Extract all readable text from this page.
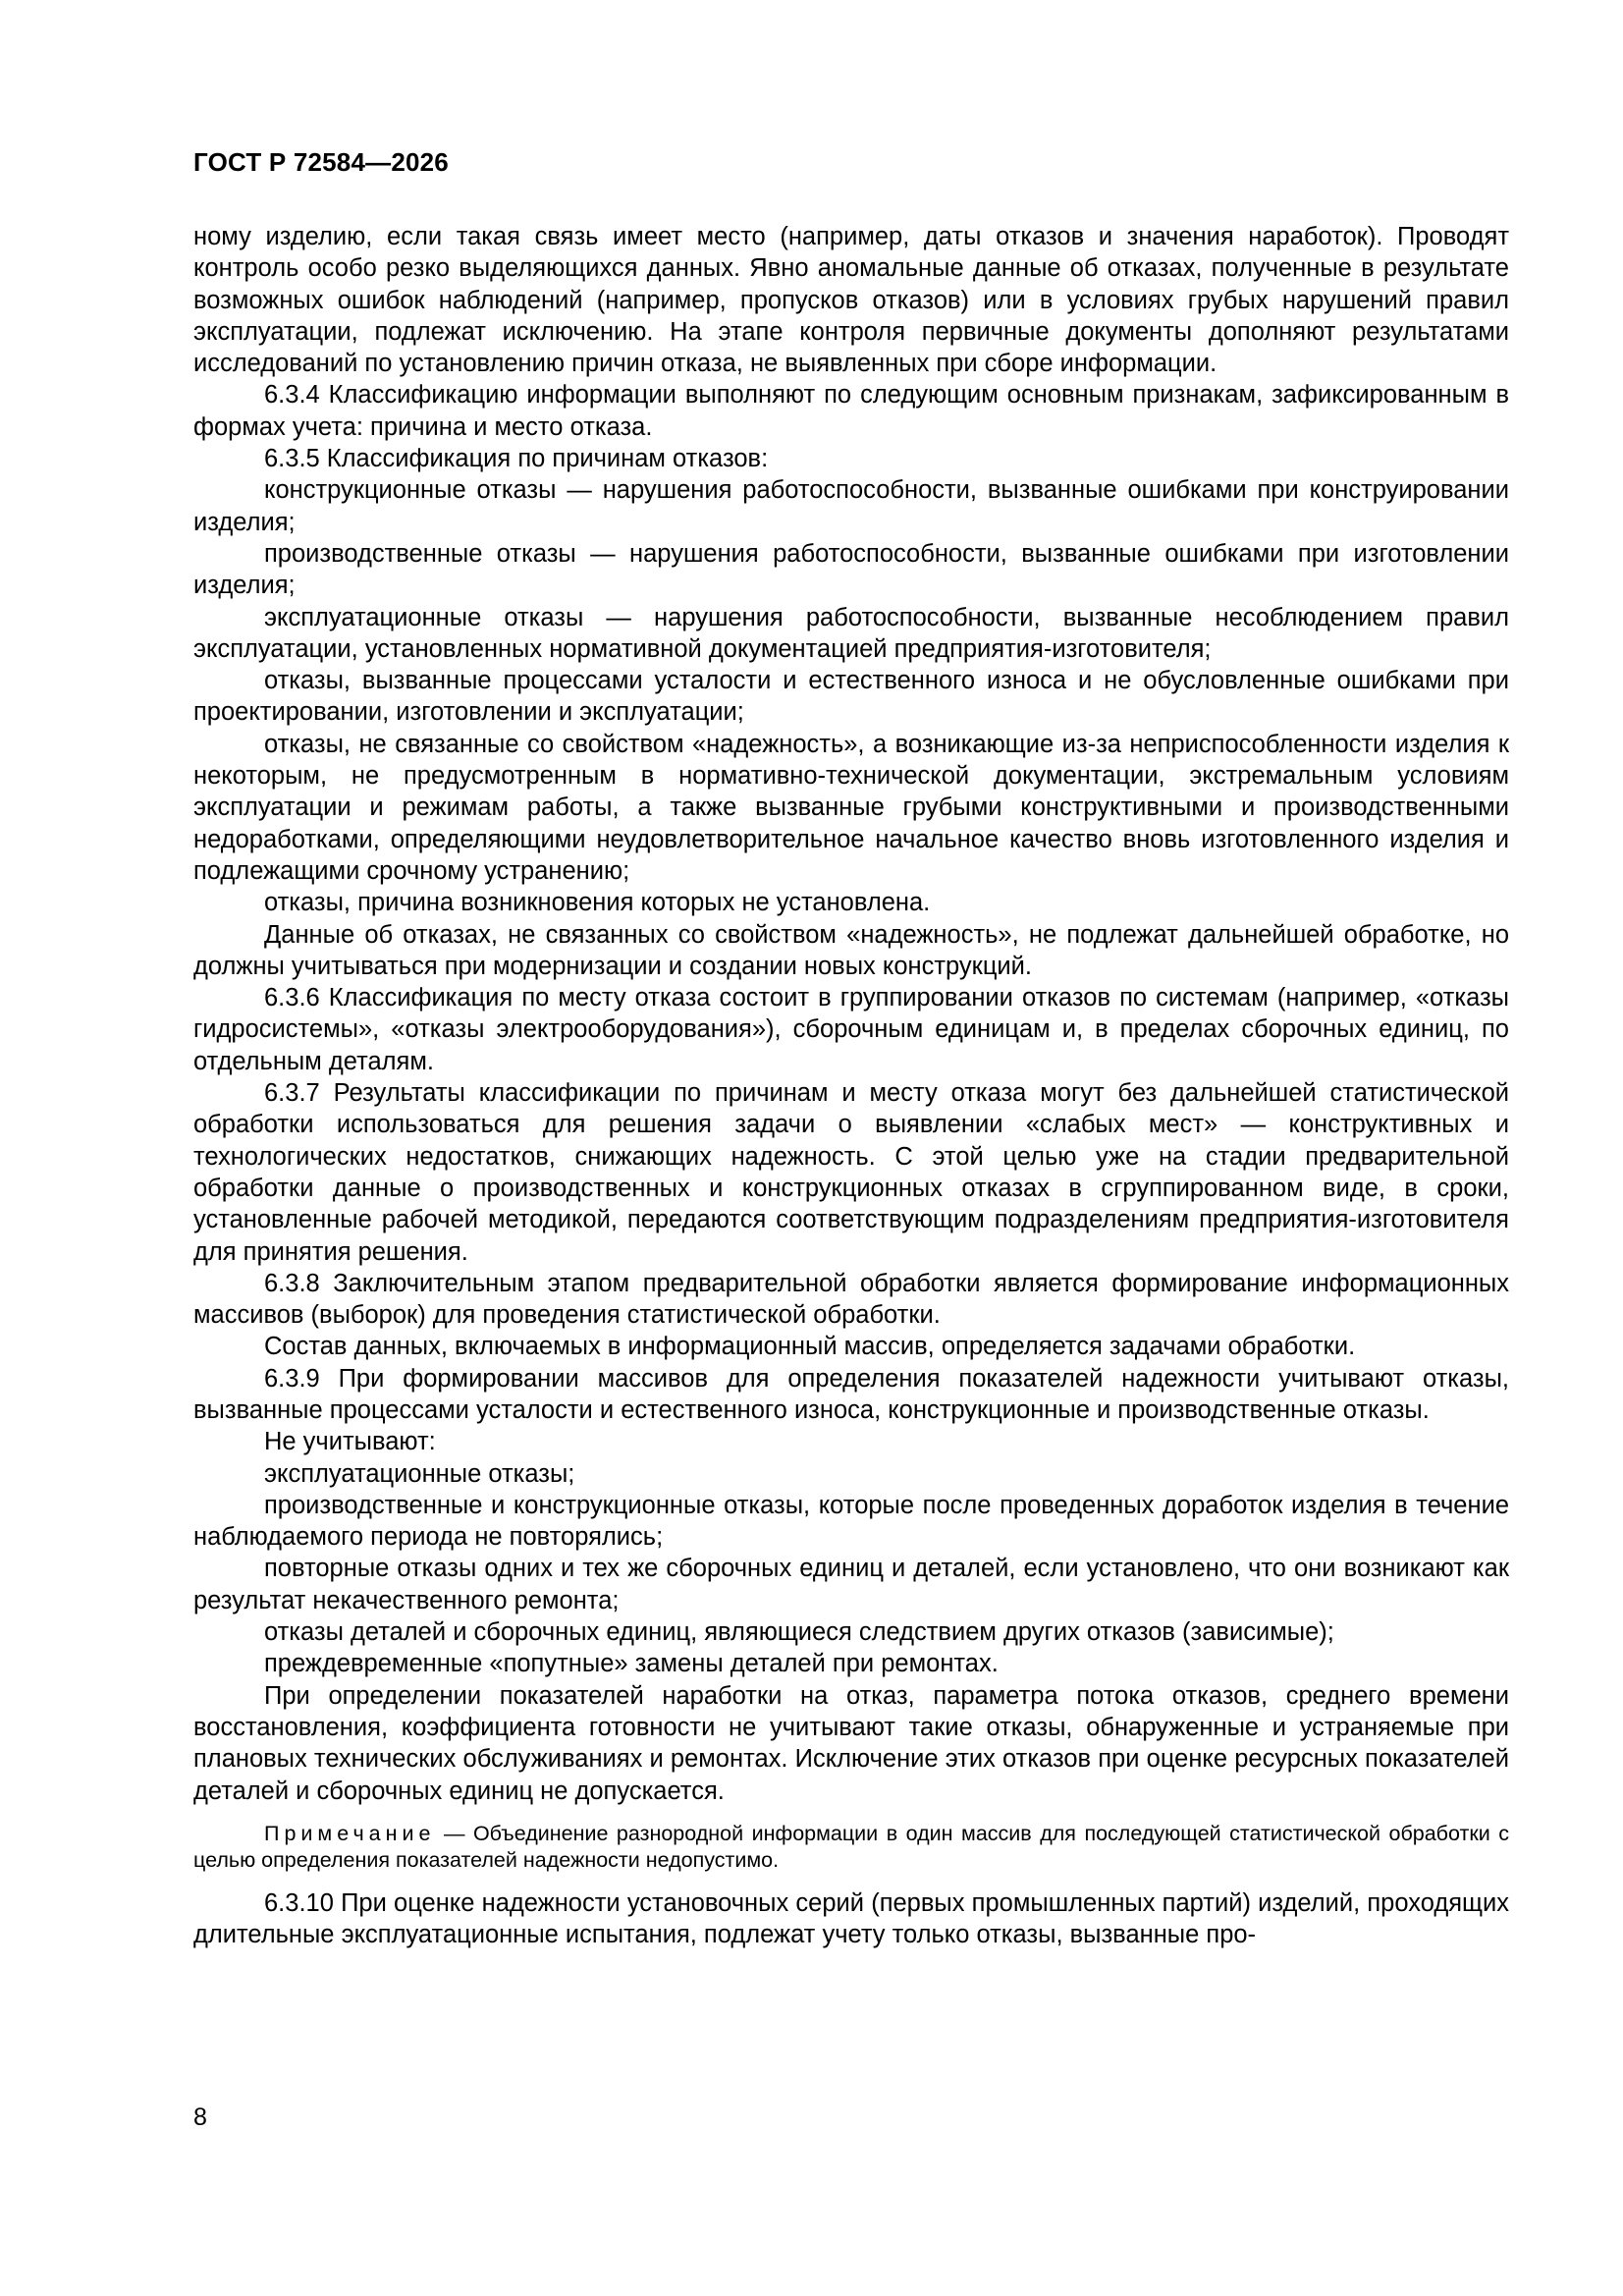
ГОСТ Р 72584—2026

ному изделию, если такая связь имеет место (например, даты отказов и значения наработок). Проводят контроль особо резко выделяющихся данных. Явно аномальные данные об отказах, полученные в результате возможных ошибок наблюдений (например, пропусков отказов) или в условиях грубых нарушений правил эксплуатации, подлежат исключению. На этапе контроля первичные документы дополняют результатами исследований по установлению причин отказа, не выявленных при сборе информации.

6.3.4 Классификацию информации выполняют по следующим основным признакам, зафиксированным в формах учета: причина и место отказа.

6.3.5 Классификация по причинам отказов:

конструкционные отказы — нарушения работоспособности, вызванные ошибками при конструировании изделия;

производственные отказы — нарушения работоспособности, вызванные ошибками при изготовлении изделия;

эксплуатационные отказы — нарушения работоспособности, вызванные несоблюдением правил эксплуатации, установленных нормативной документацией предприятия-изготовителя;

отказы, вызванные процессами усталости и естественного износа и не обусловленные ошибками при проектировании, изготовлении и эксплуатации;

отказы, не связанные со свойством «надежность», а возникающие из-за неприспособленности изделия к некоторым, не предусмотренным в нормативно-технической документации, экстремальным условиям эксплуатации и режимам работы, а также вызванные грубыми конструктивными и производственными недоработками, определяющими неудовлетворительное начальное качество вновь изготовленного изделия и подлежащими срочному устранению;

отказы, причина возникновения которых не установлена.

Данные об отказах, не связанных со свойством «надежность», не подлежат дальнейшей обработке, но должны учитываться при модернизации и создании новых конструкций.

6.3.6 Классификация по месту отказа состоит в группировании отказов по системам (например, «отказы гидросистемы», «отказы электрооборудования»), сборочным единицам и, в пределах сборочных единиц, по отдельным деталям.

6.3.7 Результаты классификации по причинам и месту отказа могут без дальнейшей статистической обработки использоваться для решения задачи о выявлении «слабых мест» — конструктивных и технологических недостатков, снижающих надежность. С этой целью уже на стадии предварительной обработки данные о производственных и конструкционных отказах в сгруппированном виде, в сроки, установленные рабочей методикой, передаются соответствующим подразделениям предприятия-изготовителя для принятия решения.

6.3.8 Заключительным этапом предварительной обработки является формирование информационных массивов (выборок) для проведения статистической обработки.

Состав данных, включаемых в информационный массив, определяется задачами обработки.

6.3.9 При формировании массивов для определения показателей надежности учитывают отказы, вызванные процессами усталости и естественного износа, конструкционные и производственные отказы.

Не учитывают:

эксплуатационные отказы;

производственные и конструкционные отказы, которые после проведенных доработок изделия в течение наблюдаемого периода не повторялись;

повторные отказы одних и тех же сборочных единиц и деталей, если установлено, что они возникают как результат некачественного ремонта;

отказы деталей и сборочных единиц, являющиеся следствием других отказов (зависимые);

преждевременные «попутные» замены деталей при ремонтах.

При определении показателей наработки на отказ, параметра потока отказов, среднего времени восстановления, коэффициента готовности не учитывают такие отказы, обнаруженные и устраняемые при плановых технических обслуживаниях и ремонтах. Исключение этих отказов при оценке ресурсных показателей деталей и сборочных единиц не допускается.

Примечание — Объединение разнородной информации в один массив для последующей статистической обработки с целью определения показателей надежности недопустимо.

6.3.10 При оценке надежности установочных серий (первых промышленных партий) изделий, проходящих длительные эксплуатационные испытания, подлежат учету только отказы, вызванные про-

8
